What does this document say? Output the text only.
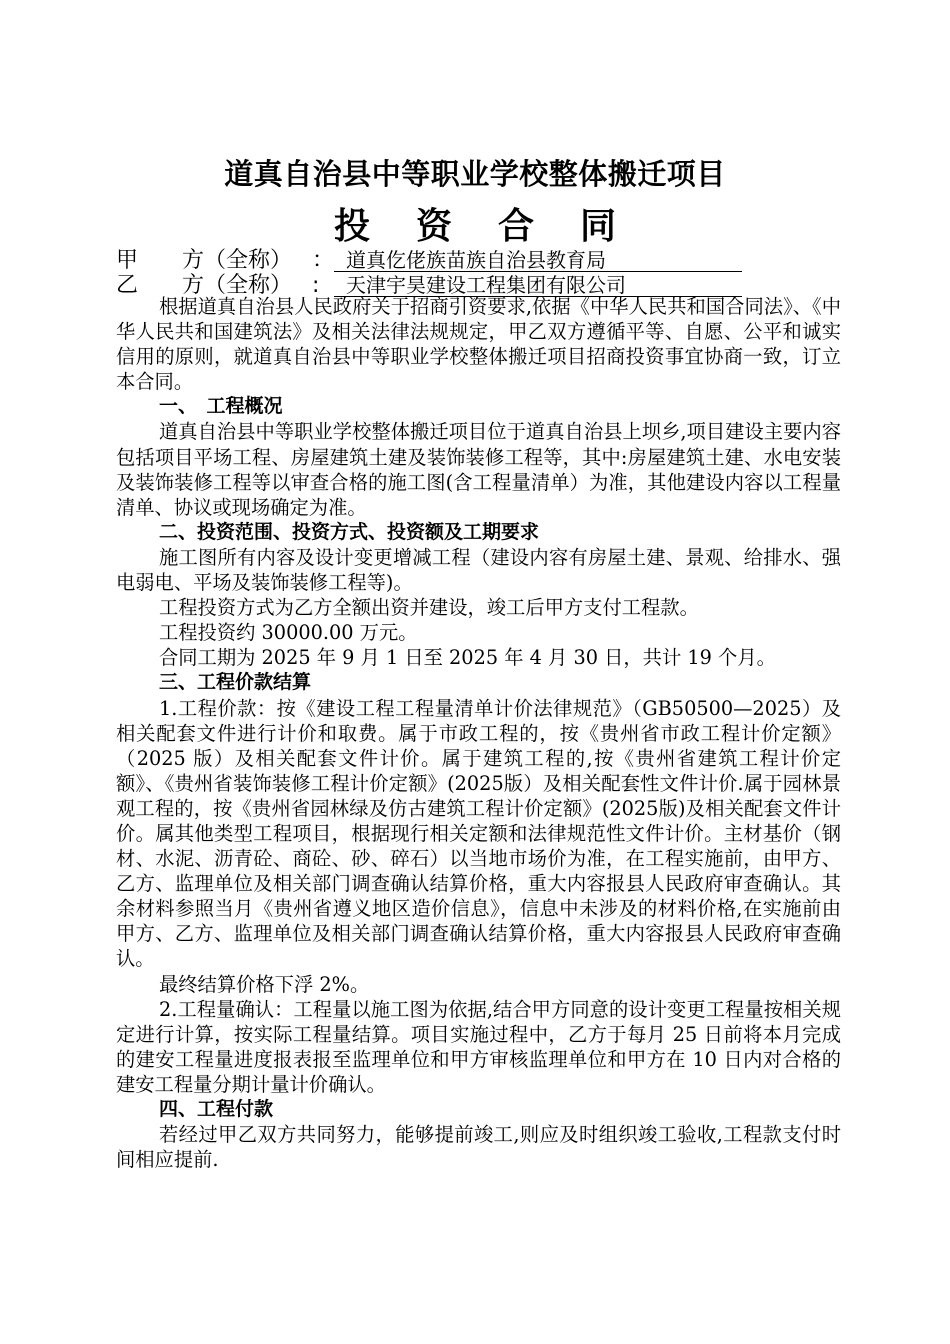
道真自治县中等职业学校整体搬迁项目
投资合同
甲　　方（全称） ： 道真仡佬族苗族自治县教育局
乙　　方（全称） : 天津宇昊建设工程集团有限公司

根据道真自治县人民政府关于招商引资要求,依据《中华人民共和国合同法》、《中华人民共和国建筑法》及相关法律法规规定，甲乙双方遵循平等、自愿、公平和诚实信用的原则，就道真自治县中等职业学校整体搬迁项目招商投资事宜协商一致，订立本合同。

一、　工程概况

道真自治县中等职业学校整体搬迁项目位于道真自治县上坝乡,项目建设主要内容包括项目平场工程、房屋建筑土建及装饰装修工程等，其中:房屋建筑土建、水电安装及装饰装修工程等以审查合格的施工图(含工程量清单）为准，其他建设内容以工程量清单、协议或现场确定为准。

二、投资范围、投资方式、投资额及工期要求

施工图所有内容及设计变更增减工程（建设内容有房屋土建、景观、给排水、强电弱电、平场及装饰装修工程等)。

工程投资方式为乙方全额出资并建设，竣工后甲方支付工程款。

工程投资约 30000.00 万元。

合同工期为 2025 年 9 月 1 日至 2025 年 4 月 30 日，共计 19 个月。

三、工程价款结算

1.工程价款：按《建设工程工程量清单计价法律规范》（GB50500—2025）及相关配套文件进行计价和取费。属于市政工程的，按《贵州省市政工程计价定额》（2025 版）及相关配套文件计价。属于建筑工程的,按《贵州省建筑工程计价定额》、《贵州省装饰装修工程计价定额》(2025版）及相关配套性文件计价.属于园林景观工程的，按《贵州省园林绿及仿古建筑工程计价定额》(2025版)及相关配套文件计价。属其他类型工程项目，根据现行相关定额和法律规范性文件计价。主材基价（钢材、水泥、沥青砼、商砼、砂、碎石）以当地市场价为准，在工程实施前，由甲方、乙方、监理单位及相关部门调查确认结算价格，重大内容报县人民政府审查确认。其余材料参照当月《贵州省遵义地区造价信息》，信息中未涉及的材料价格,在实施前由甲方、乙方、监理单位及相关部门调查确认结算价格，重大内容报县人民政府审查确认。

最终结算价格下浮 2%。

2.工程量确认：工程量以施工图为依据,结合甲方同意的设计变更工程量按相关规定进行计算，按实际工程量结算。项目实施过程中，乙方于每月 25 日前将本月完成的建安工程量进度报表报至监理单位和甲方审核监理单位和甲方在 10 日内对合格的建安工程量分期计量计价确认。

四、工程付款

若经过甲乙双方共同努力，能够提前竣工,则应及时组织竣工验收,工程款支付时间相应提前.
